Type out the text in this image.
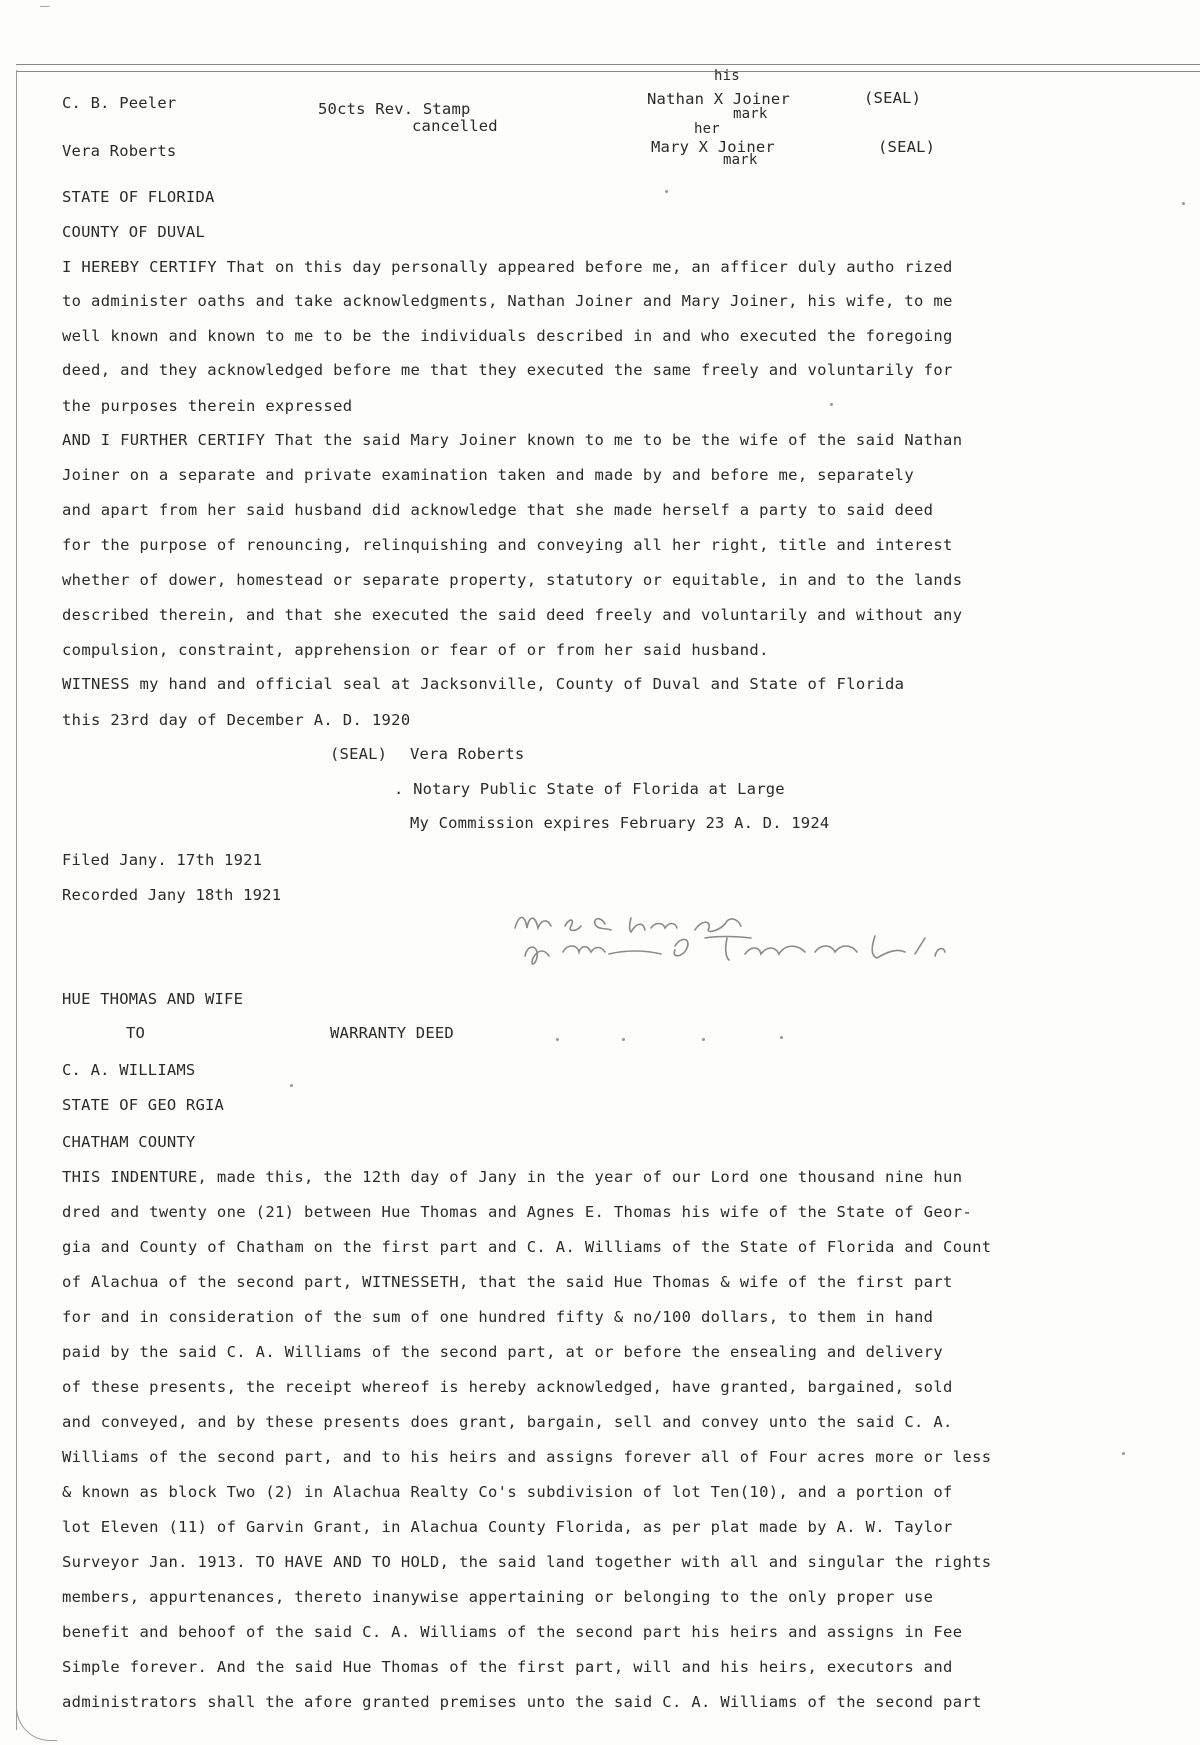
—
C. B. Peeler
Vera Roberts
50cts Rev. Stamp
cancelled
his
Nathan X Joiner
mark
her
Mary X Joiner
mark
(SEAL)
(SEAL)
STATE OF FLORIDA
COUNTY OF DUVAL
I HEREBY CERTIFY That on this day personally appeared before me, an afficer duly autho rized
to administer oaths and take acknowledgments, Nathan Joiner and Mary Joiner, his wife, to me
well known and known to me to be the individuals described in and who executed the foregoing
deed, and they acknowledged before me that they executed the same freely and voluntarily for
the purposes therein expressed
AND I FURTHER CERTIFY That the said Mary Joiner known to me to be the wife of the said Nathan
Joiner on a separate and private examination taken and made by and before me, separately
and apart from her said husband did acknowledge that she made herself a party to said deed
for the purpose of renouncing, relinquishing and conveying all her right, title and interest
whether of dower, homestead or separate property, statutory or equitable, in and to the lands
described therein, and that she executed the said deed freely and voluntarily and without any
compulsion, constraint, apprehension or fear of or from her said husband.
WITNESS my hand and official seal at Jacksonville, County of Duval and State of Florida
this 23rd day of December A. D. 1920
(SEAL) Vera Roberts
. Notary Public State of Florida at Large
My Commission expires February 23 A. D. 1924
Filed Jany. 17th 1921
Recorded Jany 18th 1921
HUE THOMAS AND WIFE
TO	WARRANTY DEED
C. A. WILLIAMS
STATE OF GEO RGIA
CHATHAM COUNTY
THIS INDENTURE, made this, the 12th day of Jany in the year of our Lord one thousand nine hun
dred and twenty one (21) between Hue Thomas and Agnes E. Thomas his wife of the State of Geor-
gia and County of Chatham on the first part and C. A. Williams of the State of Florida and Count
of Alachua of the second part, WITNESSETH, that the said Hue Thomas & wife of the first part
for and in consideration of the sum of one hundred fifty & no/100 dollars, to them in hand
paid by the said C. A. Williams of the second part, at or before the ensealing and delivery
of these presents, the receipt whereof is hereby acknowledged, have granted, bargained, sold
and conveyed, and by these presents does grant, bargain, sell and convey unto the said C. A.
Williams of the second part, and to his heirs and assigns forever all of Four acres more or less
& known as block Two (2) in Alachua Realty Co's subdivision of lot Ten(10), and a portion of
lot Eleven (11) of Garvin Grant, in Alachua County Florida, as per plat made by A. W. Taylor
Surveyor Jan. 1913. TO HAVE AND TO HOLD, the said land together with all and singular the rights
members, appurtenances, thereto inanywise appertaining or belonging to the only proper use
benefit and behoof of the said C. A. Williams of the second part his heirs and assigns in Fee
Simple forever. And the said Hue Thomas of the first part, will and his heirs, executors and
administrators shall the afore granted premises unto the said C. A. Williams of the second part
